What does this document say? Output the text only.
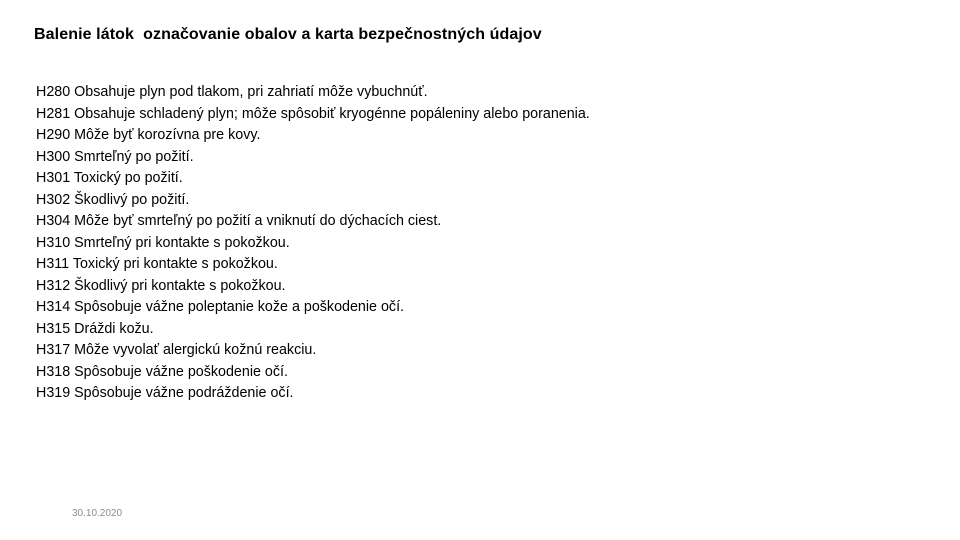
Balenie látok  označovanie obalov a karta bezpečnostných údajov
H280 Obsahuje plyn pod tlakom, pri zahriatí môže vybuchnúť.
H281 Obsahuje schladený plyn; môže spôsobiť kryogénne popáleniny alebo poranenia.
H290 Môže byť korozívna pre kovy.
H300 Smrteľný po požití.
H301 Toxický po požití.
H302 Škodlivý po požití.
H304 Môže byť smrteľný po požití a vniknutí do dýchacích ciest.
H310 Smrteľný pri kontakte s pokožkou.
H311 Toxický pri kontakte s pokožkou.
H312 Škodlivý pri kontakte s pokožkou.
H314 Spôsobuje vážne poleptanie kože a poškodenie očí.
H315 Dráždi kožu.
H317 Môže vyvolať alergickú kožnú reakciu.
H318 Spôsobuje vážne poškodenie očí.
H319 Spôsobuje vážne podráždenie očí.
30.10.2020
